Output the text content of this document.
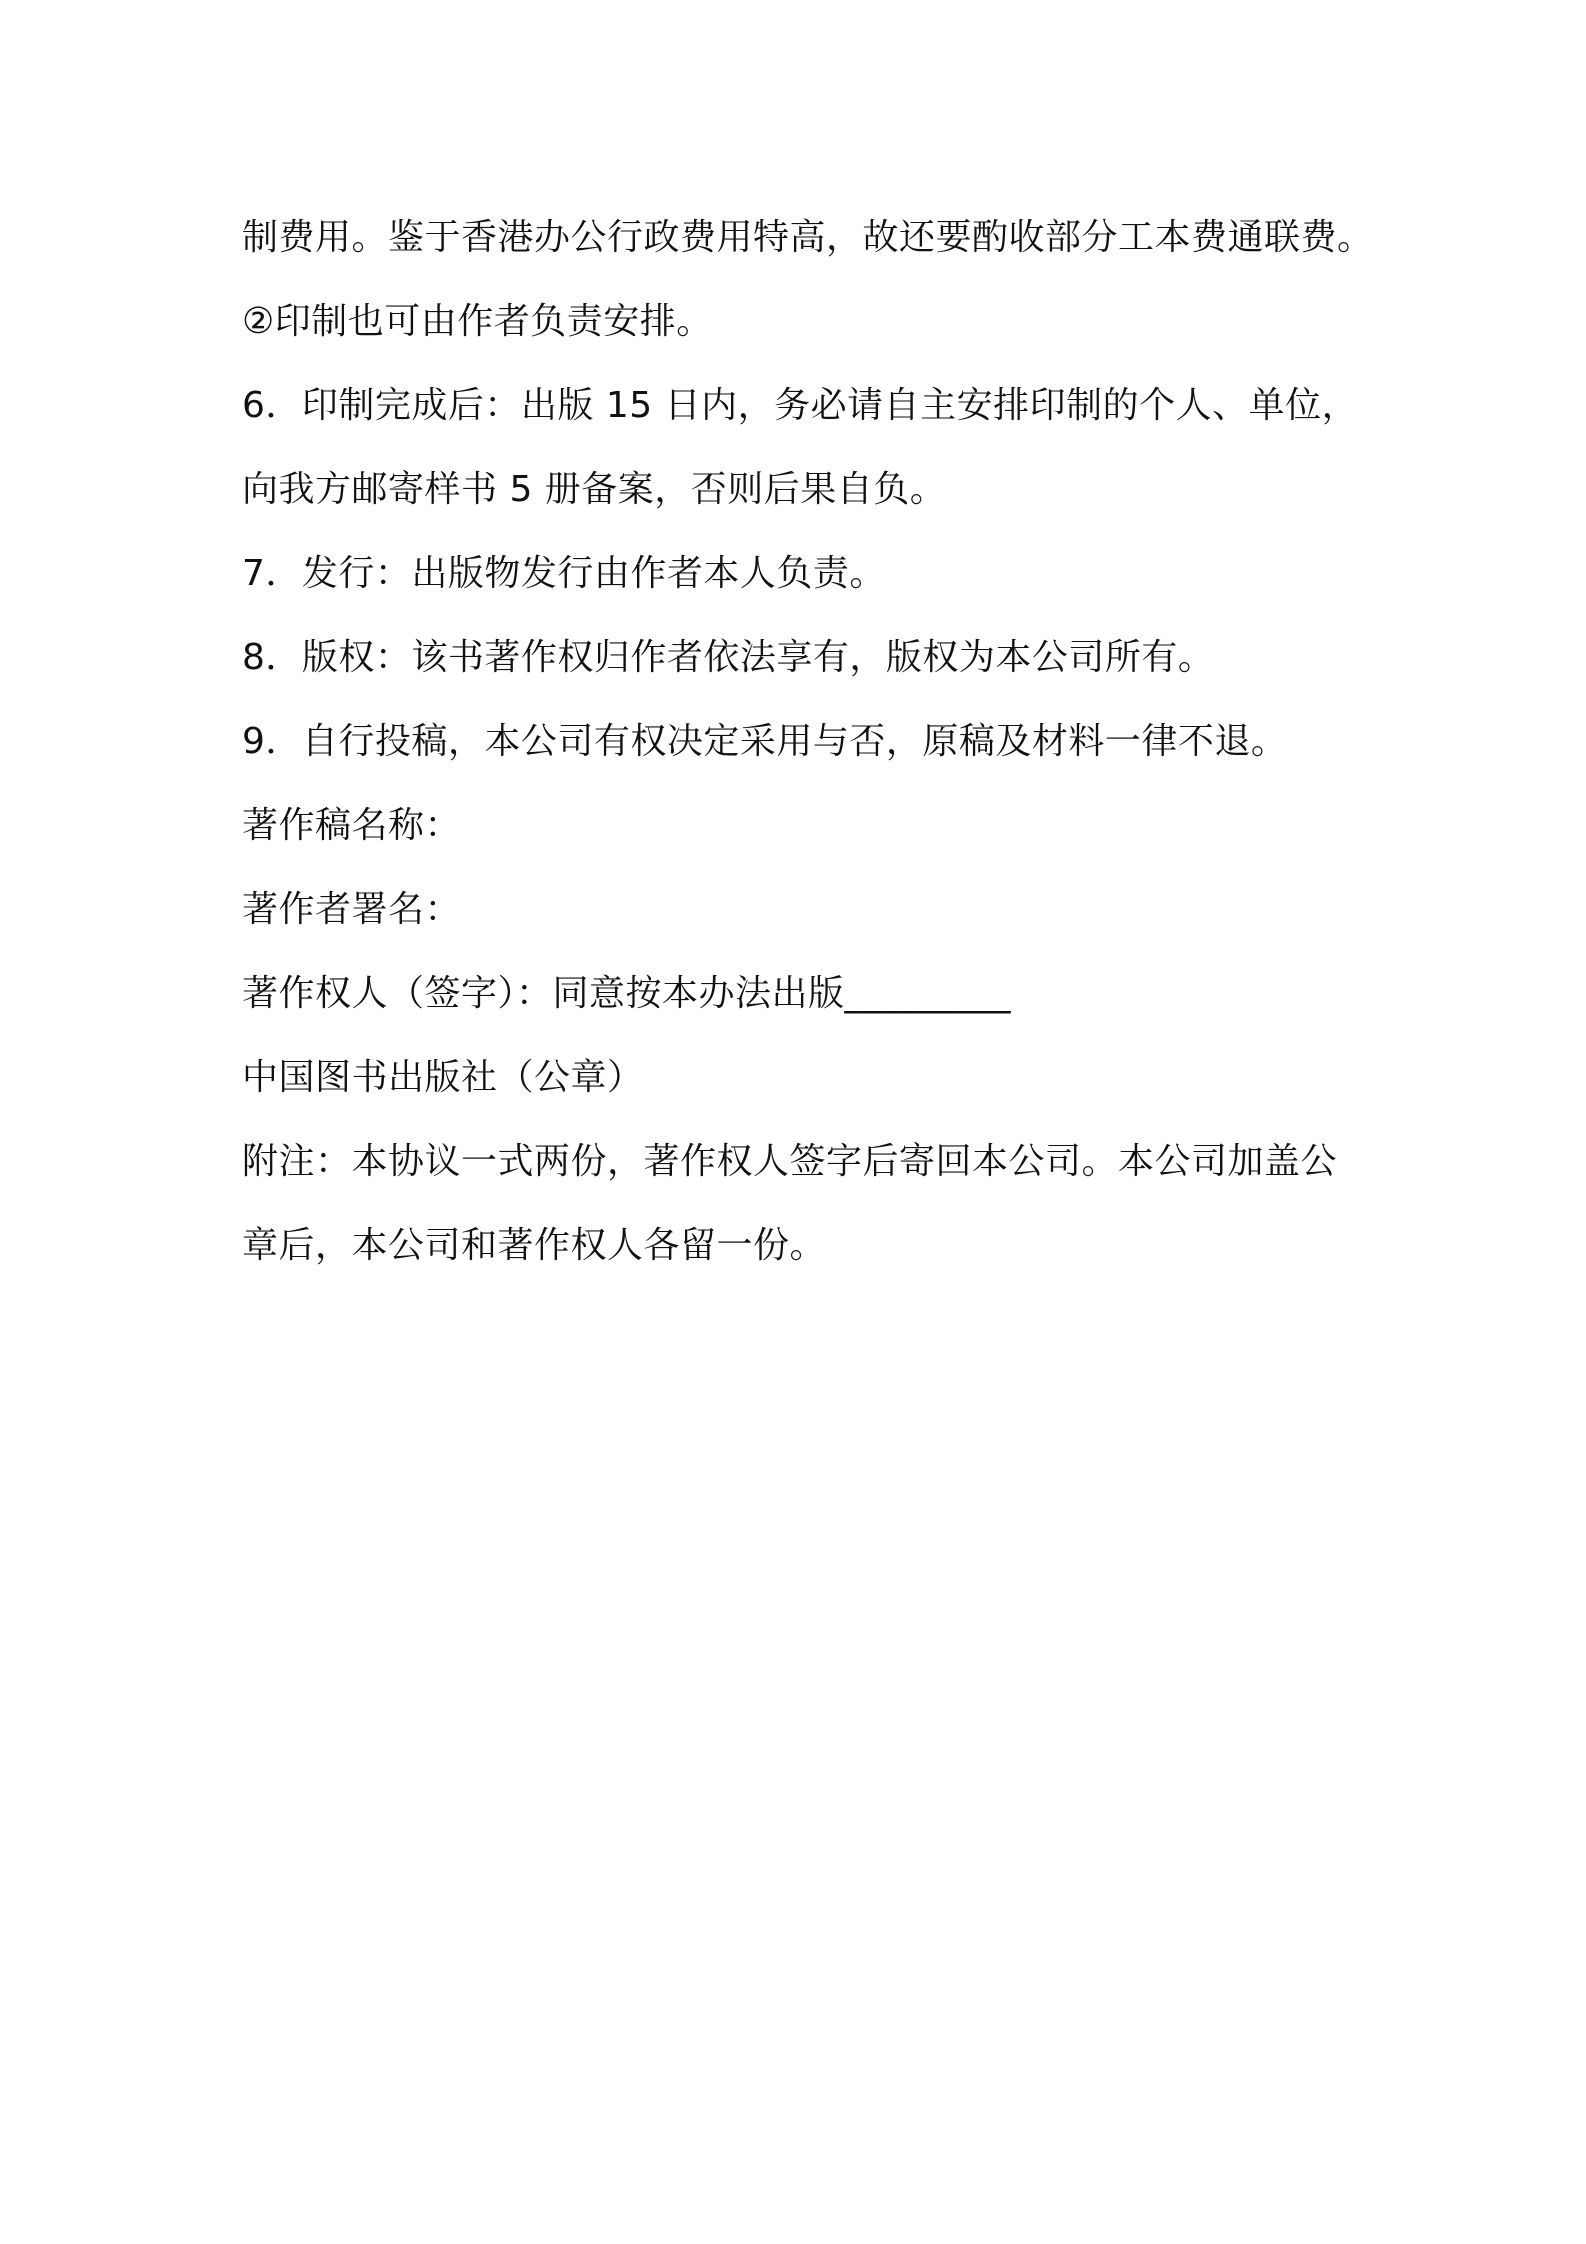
制费用。鉴于香港办公行政费用特高，故还要酌收部分工本费通联费。
②印制也可由作者负责安排。
6．印制完成后：出版 15 日内，务必请自主安排印制的个人、单位，
向我方邮寄样书 5 册备案，否则后果自负。
7．发行：出版物发行由作者本人负责。
8．版权：该书著作权归作者依法享有，版权为本公司所有。
9．自行投稿，本公司有权决定采用与否，原稿及材料一律不退。
著作稿名称：
著作者署名：
著作权人（签字）：同意按本办法出版_________
中国图书出版社（公章）
附注：本协议一式两份，著作权人签字后寄回本公司。本公司加盖公
章后，本公司和著作权人各留一份。
